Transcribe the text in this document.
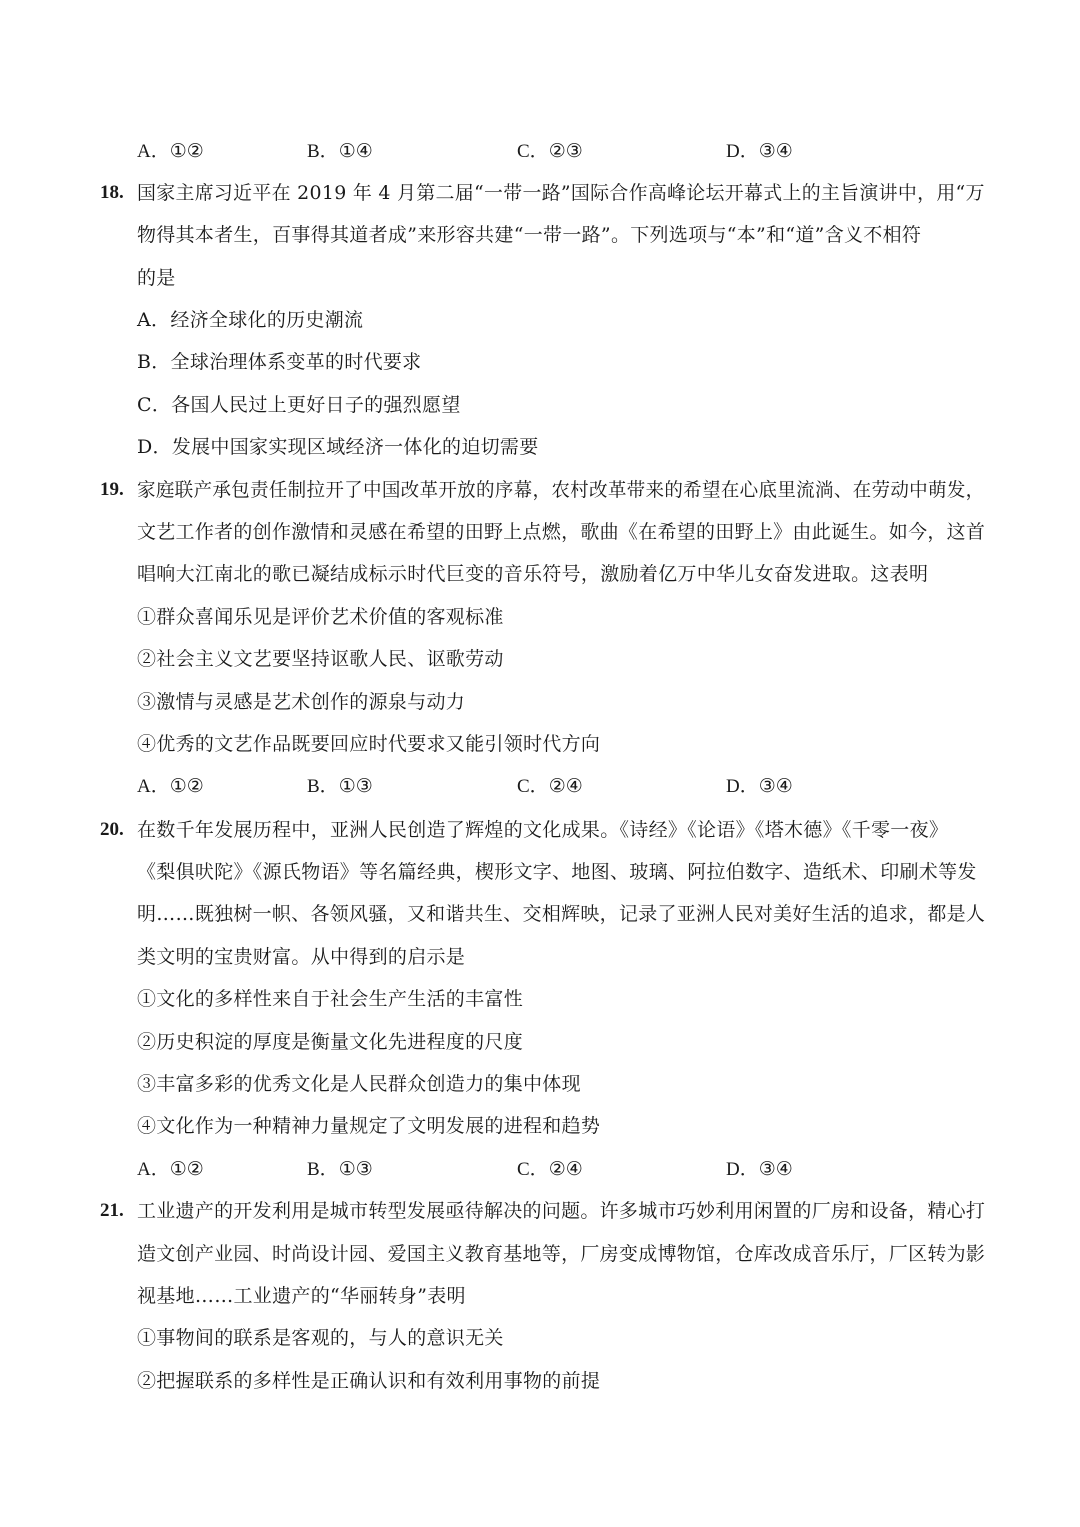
A．①②	B．①④	C．②③	D．③④
18. 国家主席习近平在 2019 年 4 月第二届“一带一路”国际合作高峰论坛开幕式上的主旨演讲中，用“万
物得其本者生，百事得其道者成”来形容共建“一带一路”。下列选项与“本”和“道”含义不相符
的是
A．经济全球化的历史潮流
B．全球治理体系变革的时代要求
C．各国人民过上更好日子的强烈愿望
D．发展中国家实现区域经济一体化的迫切需要
19. 家庭联产承包责任制拉开了中国改革开放的序幕，农村改革带来的希望在心底里流淌、在劳动中萌发，
文艺工作者的创作激情和灵感在希望的田野上点燃，歌曲《在希望的田野上》由此诞生。如今，这首
唱响大江南北的歌已凝结成标示时代巨变的音乐符号，激励着亿万中华儿女奋发进取。这表明
①群众喜闻乐见是评价艺术价值的客观标准
②社会主义文艺要坚持讴歌人民、讴歌劳动
③激情与灵感是艺术创作的源泉与动力
④优秀的文艺作品既要回应时代要求又能引领时代方向
A．①②	B．①③	C．②④	D．③④
20. 在数千年发展历程中，亚洲人民创造了辉煌的文化成果。《诗经》《论语》《塔木德》《千零一夜》
《梨俱吠陀》《源氏物语》等名篇经典，楔形文字、地图、玻璃、阿拉伯数字、造纸术、印刷术等发
明……既独树一帜、各领风骚，又和谐共生、交相辉映，记录了亚洲人民对美好生活的追求，都是人
类文明的宝贵财富。从中得到的启示是
①文化的多样性来自于社会生产生活的丰富性
②历史积淀的厚度是衡量文化先进程度的尺度
③丰富多彩的优秀文化是人民群众创造力的集中体现
④文化作为一种精神力量规定了文明发展的进程和趋势
A．①②	B．①③	C．②④	D．③④
21. 工业遗产的开发利用是城市转型发展亟待解决的问题。许多城市巧妙利用闲置的厂房和设备，精心打
造文创产业园、时尚设计园、爱国主义教育基地等，厂房变成博物馆，仓库改成音乐厅，厂区转为影
视基地……工业遗产的“华丽转身”表明
①事物间的联系是客观的，与人的意识无关
②把握联系的多样性是正确认识和有效利用事物的前提
